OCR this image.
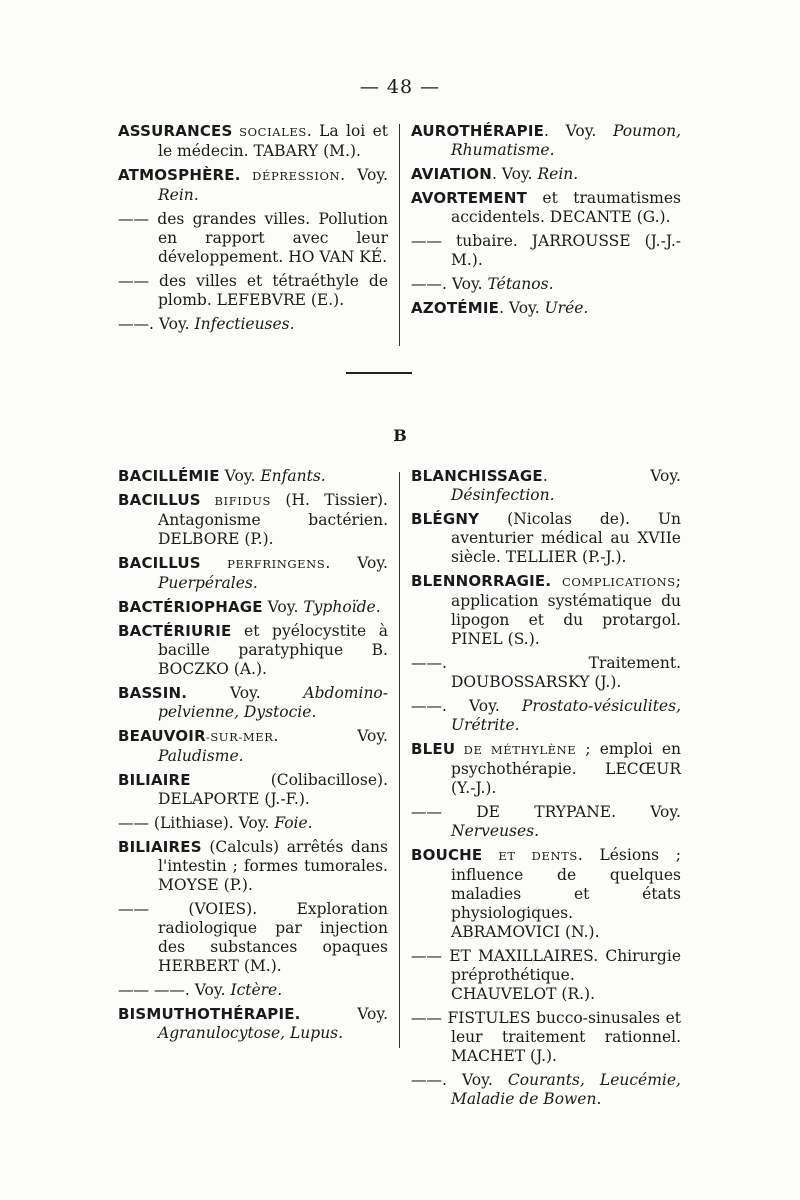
— 48 —

ASSURANCES SOCIALES. La loi et le médecin. TABARY (M.).

ATMOSPHÈRE. DÉPRESSION. Voy. Rein.

—— des grandes villes. Pollution en rapport avec leur développement. HO VAN KÉ.

—— des villes et tétraéthyle de plomb. LEFEBVRE (E.).

——. Voy. Infectieuses.

AUROTHÉRAPIE. Voy. Poumon, Rhumatisme.

AVIATION. Voy. Rein.

AVORTEMENT et traumatismes accidentels. DECANTE (G.).

—— tubaire. JARROUSSE (J.-J.-M.).

——. Voy. Tétanos.

AZOTÉMIE. Voy. Urée.

B

BACILLÉMIE Voy. Enfants.

BACILLUS BIFIDUS (H. Tissier). Antagonisme bactérien. DELBORE (P.).

BACILLUS PERFRINGENS. Voy. Puerpérales.

BACTÉRIOPHAGE Voy. Typhoïde.

BACTÉRIURIE et pyélocystite à bacille paratyphique B. BOCZKO (A.).

BASSIN. Voy. Abdomino-pelvienne, Dystocie.

BEAUVOIR-SUR-MER. Voy. Paludisme.

BILIAIRE (Colibacillose). DELAPORTE (J.-F.).

—— (Lithiase). Voy. Foie.

BILIAIRES (Calculs) arrêtés dans l'intestin ; formes tumorales. MOYSE (P.).

—— (VOIES). Exploration radiologique par injection des substances opaques HERBERT (M.).

—— ——. Voy. Ictère.

BISMUTHOTHÉRAPIE. Voy. Agranulocytose, Lupus.

BLANCHISSAGE. Voy. Désinfection.

BLÉGNY (Nicolas de). Un aventurier médical au XVIIe siècle. TELLIER (P.-J.).

BLENNORRAGIE. COMPLICATIONS; application systématique du lipogon et du protargol. PINEL (S.).

——. Traitement. DOUBOSSARSKY (J.).

——. Voy. Prostato-vésiculites, Urétrite.

BLEU DE MÉTHYLÈNE ; emploi en psychothérapie. LECŒUR (Y.-J.).

—— DE TRYPANE. Voy. Nerveuses.

BOUCHE ET DENTS. Lésions ; influence de quelques maladies et états physiologiques. ABRAMOVICI (N.).

—— ET MAXILLAIRES. Chirurgie préprothétique. CHAUVELOT (R.).

—— FISTULES bucco-sinusales et leur traitement rationnel. MACHET (J.).

——. Voy. Courants, Leucémie, Maladie de Bowen.
